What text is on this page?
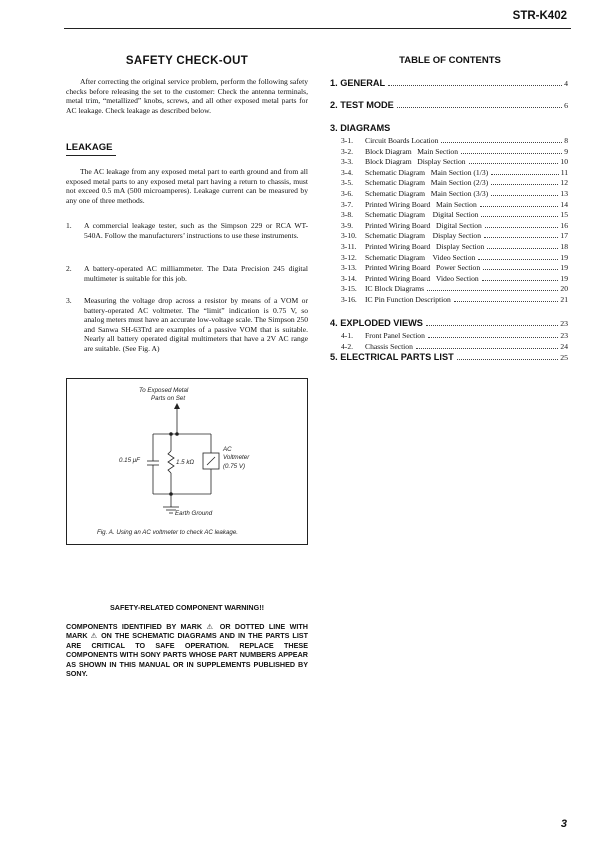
STR-K402
SAFETY CHECK-OUT

After correcting the original service problem, perform the following safety checks before releasing the set to the customer: Check the antenna terminals, metal trim, “metallized” knobs, screws, and all other exposed metal parts for AC leakage. Check leakage as described below.

LEAKAGE

The AC leakage from any exposed metal part to earth ground and from all exposed metal parts to any exposed metal part having a return to chassis, must not exceed 0.5 mA (500 microamperes). Leakage current can be measured by any one of three methods.

1. A commercial leakage tester, such as the Simpson 229 or RCA WT-540A. Follow the manufacturers’ instructions to use these instruments.
2. A battery-operated AC milliammeter. The Data Precision 245 digital multimeter is suitable for this job.
3. Measuring the voltage drop across a resistor by means of a VOM or battery-operated AC voltmeter. The “limit” indication is 0.75 V, so analog meters must have an accurate low-voltage scale. The Simpson 250 and Sanwa SH-63Trd are examples of a passive VOM that is suitable. Nearly all battery operated digital multimeters that have a 2V AC range are suitable. (See Fig. A)
To Exposed Metal
Parts on Set
0.15 μF	1.5 kΩ
AC
Voltmeter
(0.75 V)
Earth Ground
Fig. A. Using an AC voltmeter to check AC leakage.
SAFETY-RELATED COMPONENT WARNING!!
COMPONENTS IDENTIFIED BY MARK ⚠ OR DOTTED LINE WITH MARK ⚠ ON THE SCHEMATIC DIAGRAMS AND IN THE PARTS LIST ARE CRITICAL TO SAFE OPERATION. REPLACE THESE COMPONENTS WITH SONY PARTS WHOSE PART NUMBERS APPEAR AS SHOWN IN THIS MANUAL OR IN SUPPLEMENTS PUBLISHED BY SONY.
TABLE OF CONTENTS
1. GENERAL	4
2. TEST MODE	6
3. DIAGRAMS
3-1.	Circuit Boards Location	8
3-2.	Block Diagram   Main Section	9
3-3.	Block Diagram   Display Section	10
3-4.	Schematic Diagram   Main Section (1/3)	11
3-5.	Schematic Diagram   Main Section (2/3)	12
3-6.	Schematic Diagram   Main Section (3/3)	13
3-7.	Printed Wiring Board   Main Section	14
3-8.	Schematic Diagram    Digital Section	15
3-9.	Printed Wiring Board   Digital Section	16
3-10.	Schematic Diagram    Display Section	17
3-11.	Printed Wiring Board   Display Section	18
3-12.	Schematic Diagram    Video Section	19
3-13.	Printed Wiring Board   Power Section	19
3-14.	Printed Wiring Board   Video Section	19
3-15.	IC Block Diagrams	20
3-16.	IC Pin Function Description	21
4. EXPLODED VIEWS	23
4-1.	Front Panel Section	23
4-2.	Chassis Section	24
5. ELECTRICAL PARTS LIST	25
3
